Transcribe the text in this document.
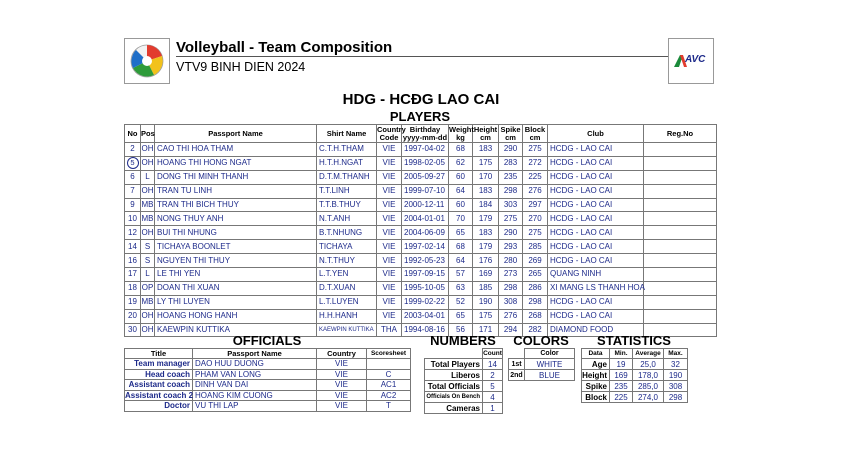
Volleyball - Team Composition
VTV9 BINH DIEN 2024
AVC
HDG - HCĐG LAO CAI
PLAYERS
No	Pos	Passport Name	Shirt Name	Country Code	Birthday yyyy-mm-dd	Weight kg	Height cm	Spike cm	Block cm	Club	Reg.No
2	OH	CAO THI HOA THAM	C.T.H.THAM	VIE	1997-04-02	68	183	290	275	HCDG - LAO CAI	
5	OH	HOANG THI HONG NGAT	H.T.H.NGAT	VIE	1998-02-05	62	175	283	272	HCDG - LAO CAI	
6	L	DONG THI MINH THANH	D.T.M.THANH	VIE	2005-09-27	60	170	235	225	HCDG - LAO CAI	
7	OH	TRAN TU LINH	T.T.LINH	VIE	1999-07-10	64	183	298	276	HCDG - LAO CAI	
9	MB	TRAN THI BICH THUY	T.T.B.THUY	VIE	2000-12-11	60	184	303	297	HCDG - LAO CAI	
10	MB	NONG THUY ANH	N.T.ANH	VIE	2004-01-01	70	179	275	270	HCDG - LAO CAI	
12	OH	BUI THI NHUNG	B.T.NHUNG	VIE	2004-06-09	65	183	290	275	HCDG - LAO CAI	
14	S	TICHAYA BOONLET	TICHAYA	VIE	1997-02-14	68	179	293	285	HCDG - LAO CAI	
16	S	NGUYEN THI THUY	N.T.THUY	VIE	1992-05-23	64	176	280	269	HCDG - LAO CAI	
17	L	LE THI YEN	L.T.YEN	VIE	1997-09-15	57	169	273	265	QUANG NINH	
18	OP	DOAN THI XUAN	D.T.XUAN	VIE	1995-10-05	63	185	298	286	XI MANG LS THANH HOA	
19	MB	LY THI LUYEN	L.T.LUYEN	VIE	1999-02-22	52	190	308	298	HCDG - LAO CAI	
20	OH	HOANG HONG HANH	H.H.HANH	VIE	2003-04-01	65	175	276	268	HCDG - LAO CAI	
30	OH	KAEWPIN KUTTIKA	KAEWPIN KUTTIKA	THA	1994-08-16	56	171	294	282	DIAMOND FOOD	
OFFICIALS
Title	Passport Name	Country	Scoresheet
Team manager	DAO HUU DUONG	VIE	
Head coach	PHAM VAN LONG	VIE	C
Assistant coach	DINH VAN DAI	VIE	AC1
Assistant coach 2	HOANG KIM CUONG	VIE	AC2
Doctor	VU THI LAP	VIE	T
NUMBERS
	Count
Total Players	14
Liberos	2
Total Officials	5
Officials On Bench	4
Cameras	1
COLORS
	Color
1st	WHITE
2nd	BLUE
STATISTICS
Data	Min.	Average	Max.
Age	19	25,0	32
Height	169	178,0	190
Spike	235	285,0	308
Block	225	274,0	298
